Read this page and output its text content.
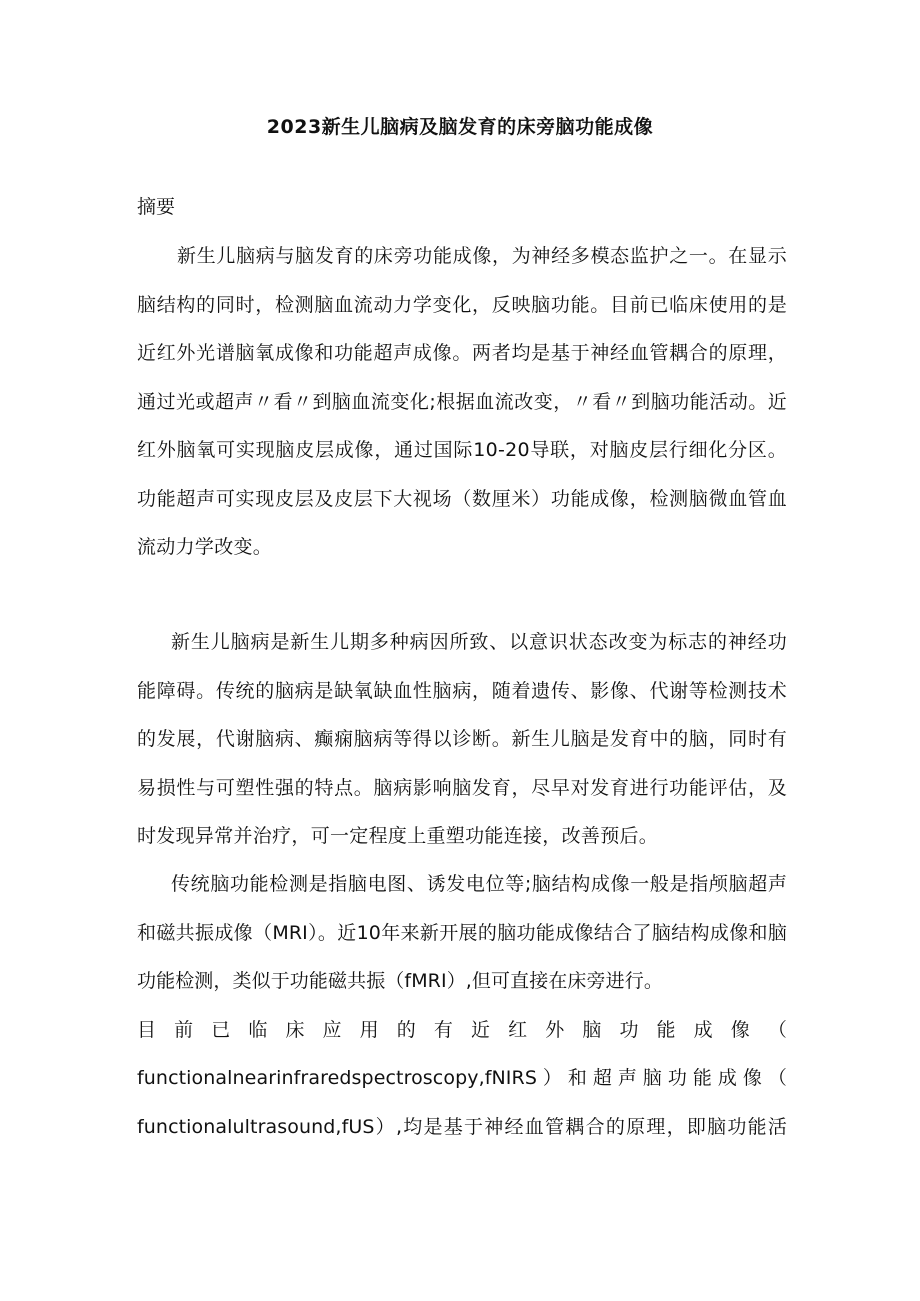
2023新生儿脑病及脑发育的床旁脑功能成像
摘要

新生儿脑病与脑发育的床旁功能成像，为神经多模态监护之一。在显示脑结构的同时，检测脑血流动力学变化，反映脑功能。目前已临床使用的是近红外光谱脑氧成像和功能超声成像。两者均是基于神经血管耦合的原理，通过光或超声〃看〃到脑血流变化;根据血流改变，〃看〃到脑功能活动。近红外脑氧可实现脑皮层成像，通过国际10-20导联，对脑皮层行细化分区。功能超声可实现皮层及皮层下大视场（数厘米）功能成像，检测脑微血管血流动力学改变。

新生儿脑病是新生儿期多种病因所致、以意识状态改变为标志的神经功能障碍。传统的脑病是缺氧缺血性脑病，随着遗传、影像、代谢等检测技术的发展，代谢脑病、癫痫脑病等得以诊断。新生儿脑是发育中的脑，同时有易损性与可塑性强的特点。脑病影响脑发育，尽早对发育进行功能评估，及时发现异常并治疗，可一定程度上重塑功能连接，改善预后。

传统脑功能检测是指脑电图、诱发电位等;脑结构成像一般是指颅脑超声和磁共振成像（MRI）。近10年来新开展的脑功能成像结合了脑结构成像和脑功能检测，类似于功能磁共振（fMRI）,但可直接在床旁进行。
目前已临床应用的有近红外脑功能成像（
functionalnearinfraredspectroscopy,fNIRS）和超声脑功能成像（
functionalultrasound,fUS）,均是基于神经血管耦合的原理，即脑功能活
